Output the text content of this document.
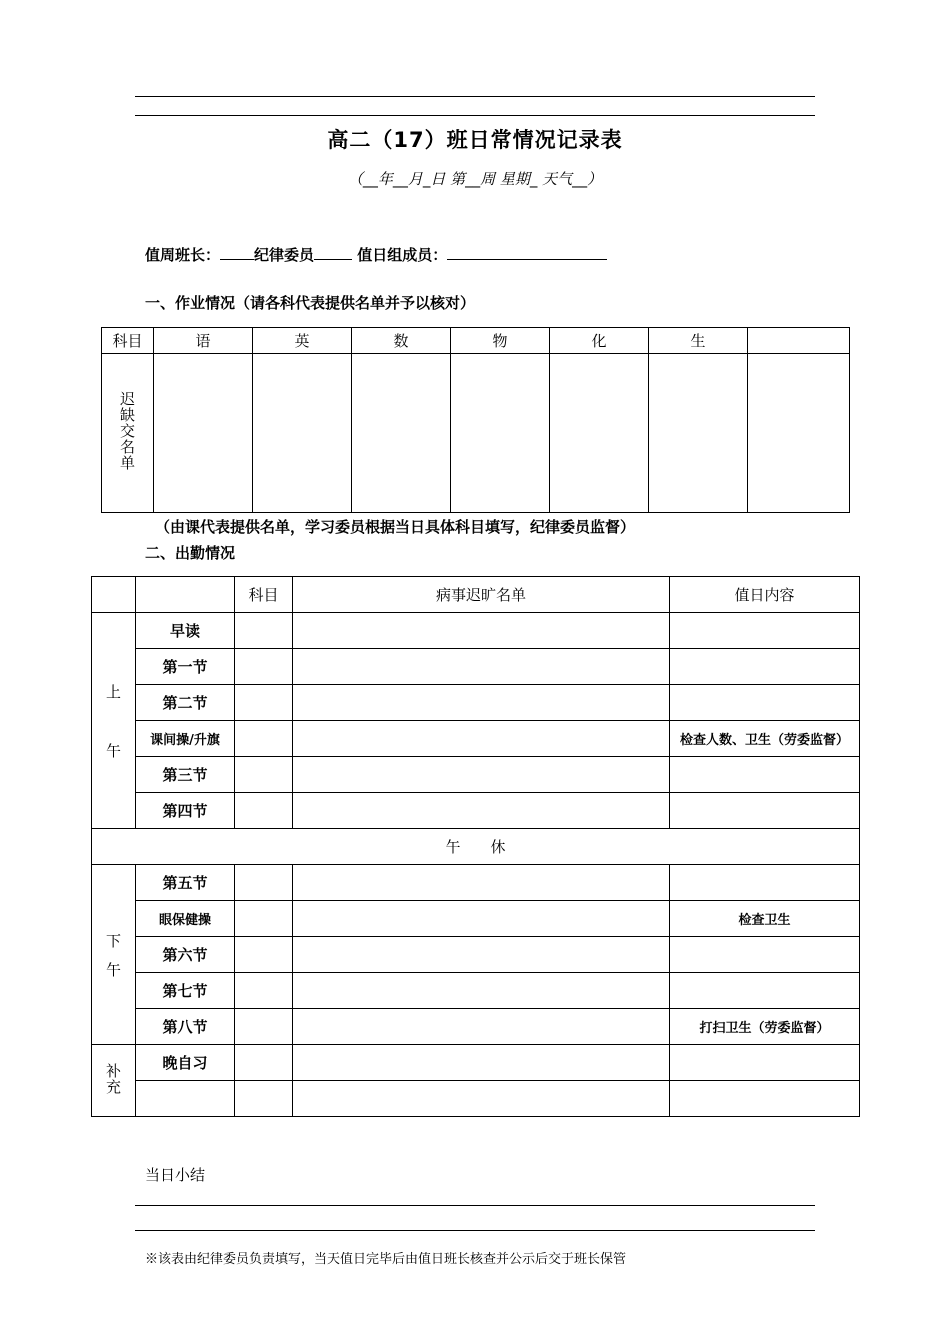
高二（17）班日常情况记录表
（__年__月_日 第__周 星期_ 天气__）
值周班长： 纪律委员	值日组成员：
一、作业情况（请各科代表提供名单并予以核对）
科目	语	英	数	物	化	生	
迟缺交名单							
（由课代表提供名单，学习委员根据当日具体科目填写，纪律委员监督）
二、出勤情况
		科目	病事迟旷名单	值日内容

上
午	早读			
	第一节			
	第二节			
	课间操/升旗			检查人数、卫生（劳委监督）
	第三节			
	第四节			
午　　休				

下
午	第五节			
	眼保健操			检查卫生
	第六节			
	第七节			
	第八节			打扫卫生（劳委监督）
补充	晚自习			

当日小结
※该表由纪律委员负责填写，当天值日完毕后由值日班长核查并公示后交于班长保管
